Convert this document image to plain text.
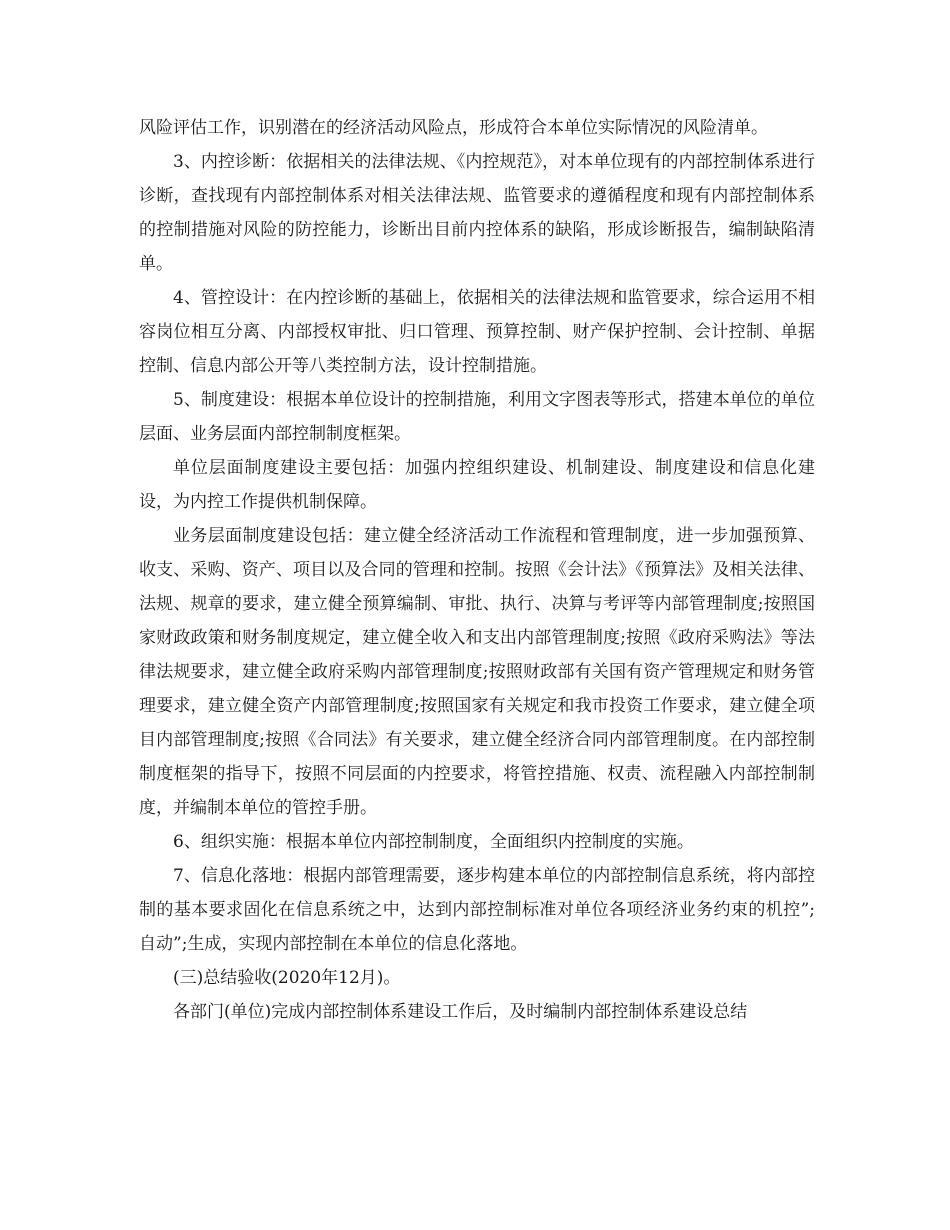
风险评估工作，识别潜在的经济活动风险点，形成符合本单位实际情况的风险清单。

3、内控诊断：依据相关的法律法规、《内控规范》，对本单位现有的内部控制体系进行诊断，查找现有内部控制体系对相关法律法规、监管要求的遵循程度和现有内部控制体系的控制措施对风险的防控能力，诊断出目前内控体系的缺陷，形成诊断报告，编制缺陷清单。

4、管控设计：在内控诊断的基础上，依据相关的法律法规和监管要求，综合运用不相容岗位相互分离、内部授权审批、归口管理、预算控制、财产保护控制、会计控制、单据控制、信息内部公开等八类控制方法，设计控制措施。

5、制度建设：根据本单位设计的控制措施，利用文字图表等形式，搭建本单位的单位层面、业务层面内部控制制度框架。

单位层面制度建设主要包括：加强内控组织建设、机制建设、制度建设和信息化建设，为内控工作提供机制保障。

业务层面制度建设包括：建立健全经济活动工作流程和管理制度，进一步加强预算、收支、采购、资产、项目以及合同的管理和控制。按照《会计法》《预算法》及相关法律、法规、规章的要求，建立健全预算编制、审批、执行、决算与考评等内部管理制度;按照国家财政政策和财务制度规定，建立健全收入和支出内部管理制度;按照《政府采购法》等法律法规要求，建立健全政府采购内部管理制度;按照财政部有关国有资产管理规定和财务管理要求，建立健全资产内部管理制度;按照国家有关规定和我市投资工作要求，建立健全项目内部管理制度;按照《合同法》有关要求，建立健全经济合同内部管理制度。在内部控制制度框架的指导下，按照不同层面的内控要求，将管控措施、权责、流程融入内部控制制度，并编制本单位的管控手册。

6、组织实施：根据本单位内部控制制度，全面组织内控制度的实施。

7、信息化落地：根据内部管理需要，逐步构建本单位的内部控制信息系统，将内部控制的基本要求固化在信息系统之中，达到内部控制标准对单位各项经济业务约束的机控”;自动”;生成，实现内部控制在本单位的信息化落地。

(三)总结验收(2020年12月)。

各部门(单位)完成内部控制体系建设工作后，及时编制内部控制体系建设总结
